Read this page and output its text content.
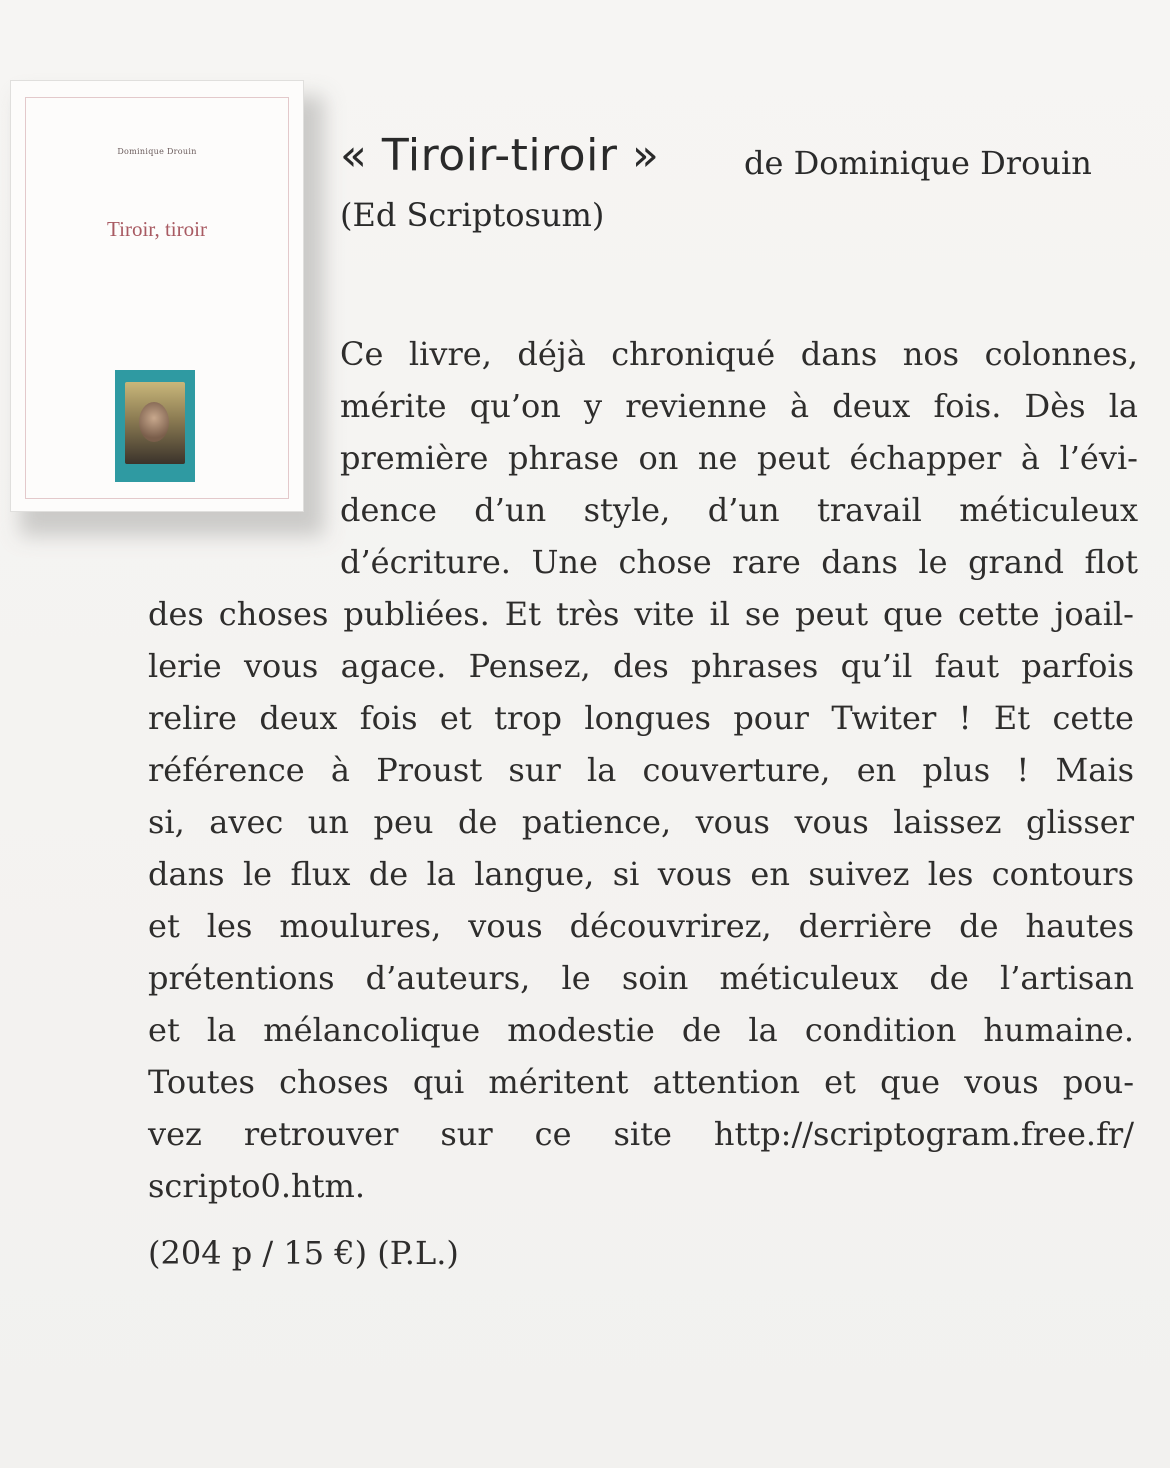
Dominique Drouin
Tiroir, tiroir
« Tiroir-tiroir »	de Dominique Drouin
(Ed Scriptosum)
Ce livre, déjà chroniqué dans nos colonnes,
mérite qu’on y revienne à deux fois. Dès la
première phrase on ne peut échapper à l’évi-
dence d’un style, d’un travail méticuleux
d’écriture. Une chose rare dans le grand flot
des choses publiées. Et très vite il se peut que cette joail-
lerie vous agace. Pensez, des phrases qu’il faut parfois
relire deux fois et trop longues pour Twiter ! Et cette
référence à Proust sur la couverture, en plus ! Mais
si, avec un peu de patience, vous vous laissez glisser
dans le flux de la langue, si vous en suivez les contours
et les moulures, vous découvrirez, derrière de hautes
prétentions d’auteurs, le soin méticuleux de l’artisan
et la mélancolique modestie de la condition humaine.
Toutes choses qui méritent attention et que vous pou-
vez retrouver sur ce site http://scriptogram.free.fr/
scripto0.htm.
(204 p / 15 €) (P.L.)
